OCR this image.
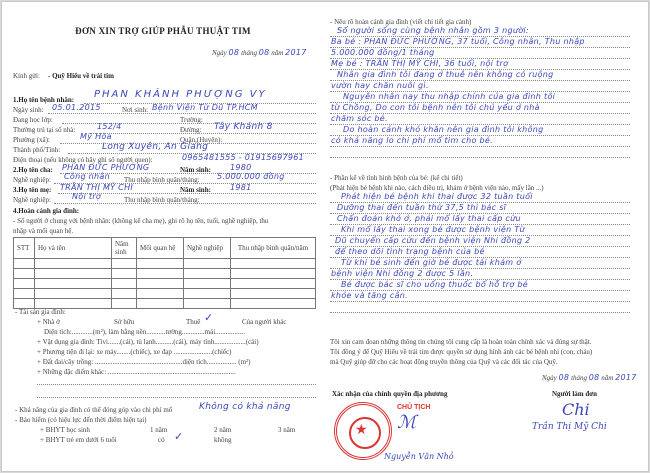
ĐƠN XIN TRỢ GIÚP PHẪU THUẬT TIM
Ngày 08 tháng 08 năm 2017
Kính gửi: - Quỹ Hiểu về trái tim
1.Họ tên bệnh nhân: PHAN KHÁNH PHƯỢNG VY
Ngày sinh: 05.01.2015	Nơi sinh: Bệnh Viện Từ Dũ TP.HCM
Đang học lớp:	Trường:
Thường trú tại số nhà:	152/4	Đường: Tây Khánh 8
Phường (xã):	Mỹ Hòa	Quận,(Huyện):
Thành phố/Tỉnh:	Long Xuyên, An Giang
Điện thoại (nếu không có hãy ghi số người quen):	0965481555 - 01915697961
2.Họ tên cha: PHAN ĐỨC PHƯỚNG	Năm sinh: 1980
Nghề nghiệp: Công nhân Thu nhập bình quân/tháng: 5.000.000 đồng
3.Họ tên mẹ: TRẦN THỊ MỸ CHI	Năm sinh: 1981
Nghề nghiệp:	Nội trợ	Thu nhập bình quân/tháng:
4.Hoàn cảnh gia đình:
- Số người ở chung với bệnh nhân: (không kể cha mẹ), ghi rõ họ tên, tuổi, nghề nghiệp, thu
nhập và mối quan hệ.
STT	Họ và tên	Năm sinh	Mối quan hệ	Nghề nghiệp	Thu nhập bình quân/năm

- Tài sản gia đình:
+ Nhà ở	Sở hữu	Thuê ✓	Của người khác
Diện tích:............(m²), làm bằng nền...........tường.............mái.................
+ Vật dụng gia đình: Tivi.......(cái), tủ lạnh..........(cái), máy tính..................(cái)
+ Phương tiện đi lại: xe máy........(chiếc), xe đạp ......................(chiếc)
+ Đất đai/cây trồng: ..................................................diện tích................. (m²)
+ Những đặc điểm khác: .........................................................................
- Khả năng của gia đình có thể đóng góp vào chi phí mổ	Không có khả năng
- Bảo hiểm (có hiệu lực đến thời điểm hiện tại)
+ BHYT học sinh	1 năm	2 năm	3 năm
+ BHYT trẻ em dưới 6 tuổi	có ✓	không
- Nêu rõ hoàn cảnh gia đình (viết chi tiết gia cảnh)
Số người sống cùng bệnh nhân gồm 3 người:
Ba bé : PHAN ĐỨC PHƯỚNG, 37 tuổi, Công nhân, Thu nhập
5.000.000 đồng/1 tháng
Mẹ bé : TRẦN THỊ MỸ CHI, 36 tuổi, nội trợ
Nhân gia đình tôi đang ở thuê nên không có ruộng
vườn hay chăn nuôi gì.
Nguyên nhân nay thu nhập chính của gia đình tôi
từ Chồng, Do con tôi bệnh nên tôi chủ yếu ở nhà
chăm sóc bé.
Do hoàn cảnh khó khăn nên gia đình tôi không
có khả năng lo chi phí mổ tim cho bé.
- Phần kể về tình hình bệnh của bé: (kể chi tiết)
(Phát hiện bé bệnh khi nào, cách điều trị, khám ở bệnh viện nào, mấy lần ...)
Phát hiện bé bệnh khi thai được 32 tuần tuổi
Dưỡng thai đến tuần thứ 37,5 thì bác sĩ
Chẩn đoán khó ở, phải mổ lấy thai cấp cứu
Khi mổ lấy thai xong bé được bệnh viện Từ
Dũ chuyển cấp cứu đến bệnh viện Nhi đồng 2
để theo dõi tình trạng bệnh của bé
Từ khi bé sinh đến giờ bé được tái khám ở
bệnh viện Nhi đồng 2 được 5 lần.
Bé được bác sĩ cho uống thuốc bổ hỗ trợ bé
khỏe và tăng cân.
Tôi xin cam đoan những thông tin chúng tôi cung cấp là hoàn toàn chính xác và đúng sự thật.
Tôi đồng ý để Quỹ Hiểu về trái tim được quyền sử dụng hình ảnh các bé bệnh nhi (con, cháu)
mà Quỹ giúp đỡ cho các hoạt động truyền thông của Quỹ và các đối tác của Quỹ.
Ngày 08 tháng 08 năm 2017
Xác nhận của chính quyền địa phương	Người làm đơn
Chi
Trần Thị Mỹ Chi
★
CHỦ TỊCH
ℳ
Nguyễn Văn Nhỏ
